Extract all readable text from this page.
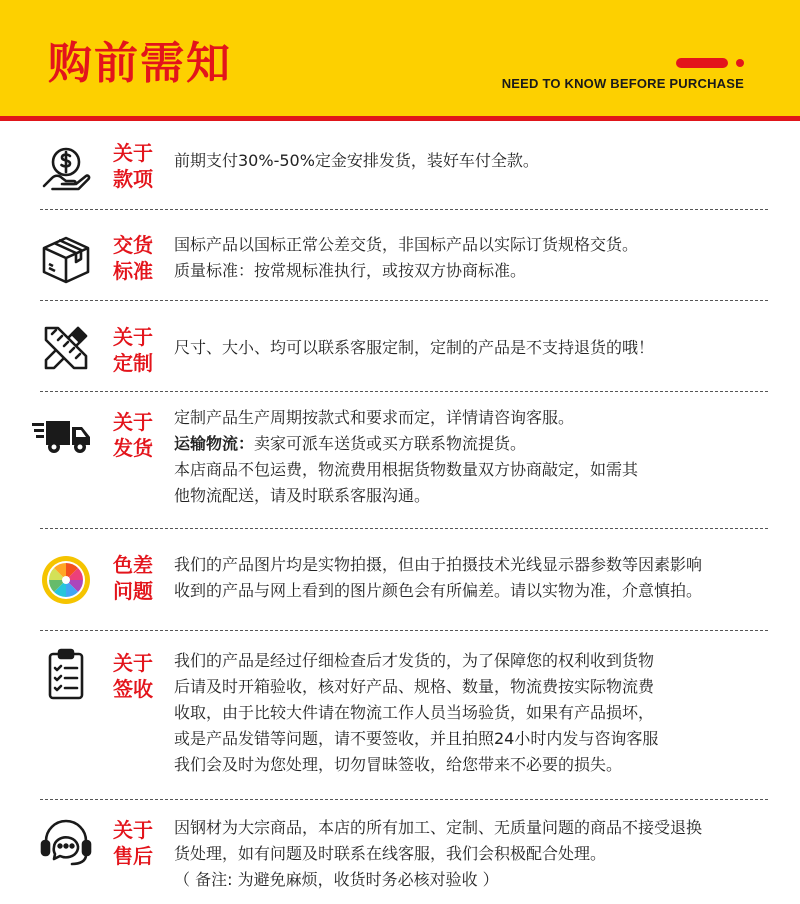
购前需知	NEED TO KNOW BEFORE PURCHASE
关于
款项

前期支付30%-50%定金安排发货，装好车付全款。

交货
标准

国标产品以国标正常公差交货，非国标产品以实际订货规格交货。

质量标准：按常规标准执行，或按双方协商标准。

关于
定制

尺寸、大小、均可以联系客服定制，定制的产品是不支持退货的哦！

关于
发货

定制产品生产周期按款式和要求而定，详情请咨询客服。

运输物流：卖家可派车送货或买方联系物流提货。

本店商品不包运费，物流费用根据货物数量双方协商敲定，如需其

他物流配送，请及时联系客服沟通。

色差
问题

我们的产品图片均是实物拍摄，但由于拍摄技术光线显示器参数等因素影响

收到的产品与网上看到的图片颜色会有所偏差。请以实物为准，介意慎拍。

关于
签收

我们的产品是经过仔细检查后才发货的，为了保障您的权利收到货物

后请及时开箱验收，核对好产品、规格、数量，物流费按实际物流费

收取，由于比较大件请在物流工作人员当场验货，如果有产品损坏，

或是产品发错等问题，请不要签收，并且拍照24小时内发与咨询客服

我们会及时为您处理，切勿冒昧签收，给您带来不必要的损失。

关于
售后

因钢材为大宗商品，本店的所有加工、定制、无质量问题的商品不接受退换

货处理，如有问题及时联系在线客服，我们会积极配合处理。

（ 备注: 为避免麻烦，收货时务必核对验收 ）
